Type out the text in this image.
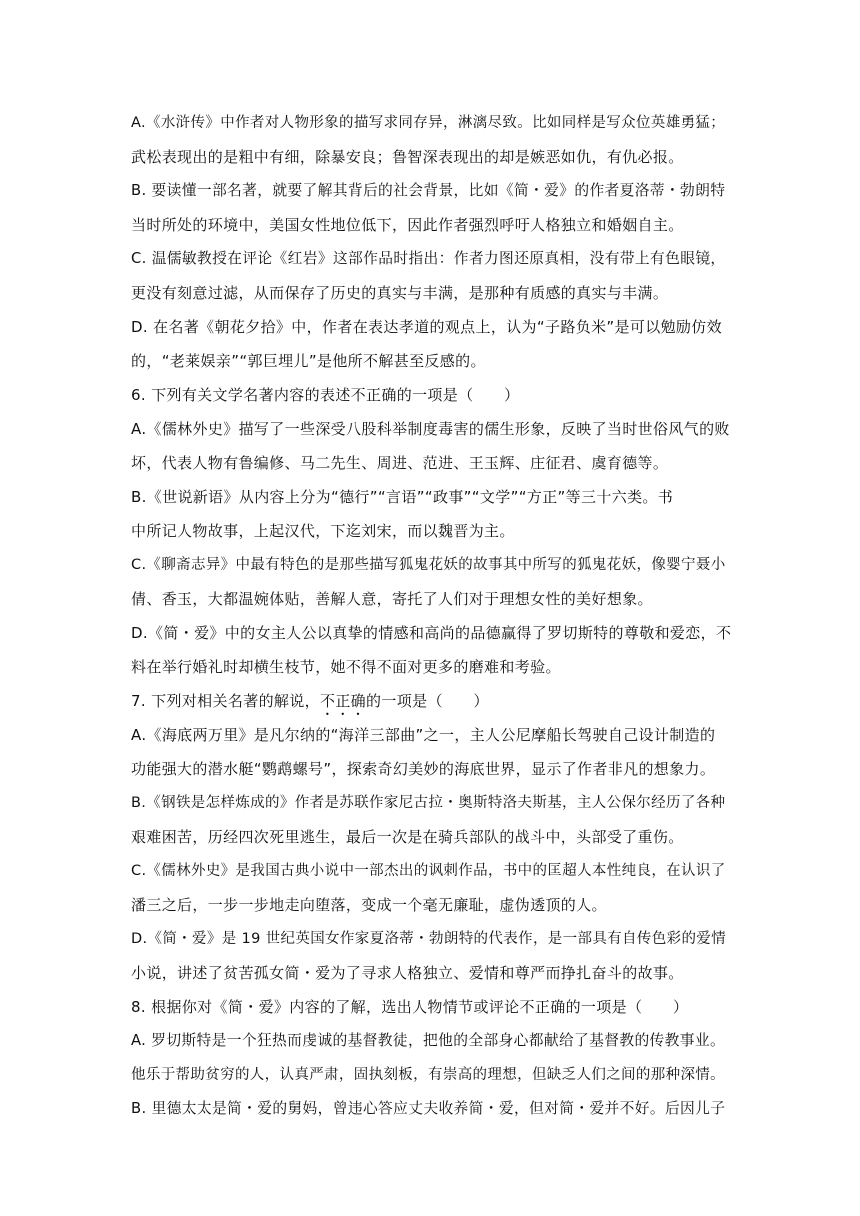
A.《水浒传》中作者对人物形象的描写求同存异，淋漓尽致。比如同样是写众位英雄勇猛；
武松表现出的是粗中有细，除暴安良；鲁智深表现出的却是嫉恶如仇，有仇必报。
B. 要读懂一部名著，就要了解其背后的社会背景，比如《简・爱》的作者夏洛蒂・勃朗特
当时所处的环境中，美国女性地位低下，因此作者强烈呼吁人格独立和婚姻自主。
C. 温儒敏教授在评论《红岩》这部作品时指出：作者力图还原真相，没有带上有色眼镜，
更没有刻意过滤，从而保存了历史的真实与丰满，是那种有质感的真实与丰满。
D. 在名著《朝花夕拾》中，作者在表达孝道的观点上，认为“子路负米”是可以勉励仿效
的，“老莱娱亲”“郭巨埋儿”是他所不解甚至反感的。
6. 下列有关文学名著内容的表述不正确的一项是（　　）
A.《儒林外史》描写了一些深受八股科举制度毒害的儒生形象，反映了当时世俗风气的败
坏，代表人物有鲁编修、马二先生、周进、范进、王玉辉、庄征君、虞育德等。
B.《世说新语》从内容上分为“德行”“言语”“政事”“文学”“方正”等三十六类。书
中所记人物故事，上起汉代，下迄刘宋，而以魏晋为主。
C.《聊斋志异》中最有特色的是那些描写狐鬼花妖的故事其中所写的狐鬼花妖，像婴宁聂小
倩、香玉，大都温婉体贴，善解人意，寄托了人们对于理想女性的美好想象。
D.《简・爱》中的女主人公以真挚的情感和高尚的品德赢得了罗切斯特的尊敬和爱恋，不
料在举行婚礼时却横生枝节，她不得不面对更多的磨难和考验。
7. 下列对相关名著的解说，不正确的一项是（　　）
A.《海底两万里》是凡尔纳的“海洋三部曲”之一，主人公尼摩船长驾驶自己设计制造的
功能强大的潜水艇“鹦鹉螺号”，探索奇幻美妙的海底世界，显示了作者非凡的想象力。
B.《钢铁是怎样炼成的》作者是苏联作家尼古拉・奥斯特洛夫斯基，主人公保尔经历了各种
艰难困苦，历经四次死里逃生，最后一次是在骑兵部队的战斗中，头部受了重伤。
C.《儒林外史》是我国古典小说中一部杰出的讽刺作品，书中的匡超人本性纯良，在认识了
潘三之后，一步一步地走向堕落，变成一个毫无廉耻，虚伪透顶的人。
D.《简・爱》是 19 世纪英国女作家夏洛蒂・勃朗特的代表作，是一部具有自传色彩的爱情
小说，讲述了贫苦孤女简・爱为了寻求人格独立、爱情和尊严而挣扎奋斗的故事。
8. 根据你对《简・爱》内容的了解，选出人物情节或评论不正确的一项是（　　）
A. 罗切斯特是一个狂热而虔诚的基督教徒，把他的全部身心都献给了基督教的传教事业。
他乐于帮助贫穷的人，认真严肃，固执刻板，有崇高的理想，但缺乏人们之间的那种深情。
B. 里德太太是简・爱的舅妈，曾违心答应丈夫收养简・爱，但对简・爱并不好。后因儿子
